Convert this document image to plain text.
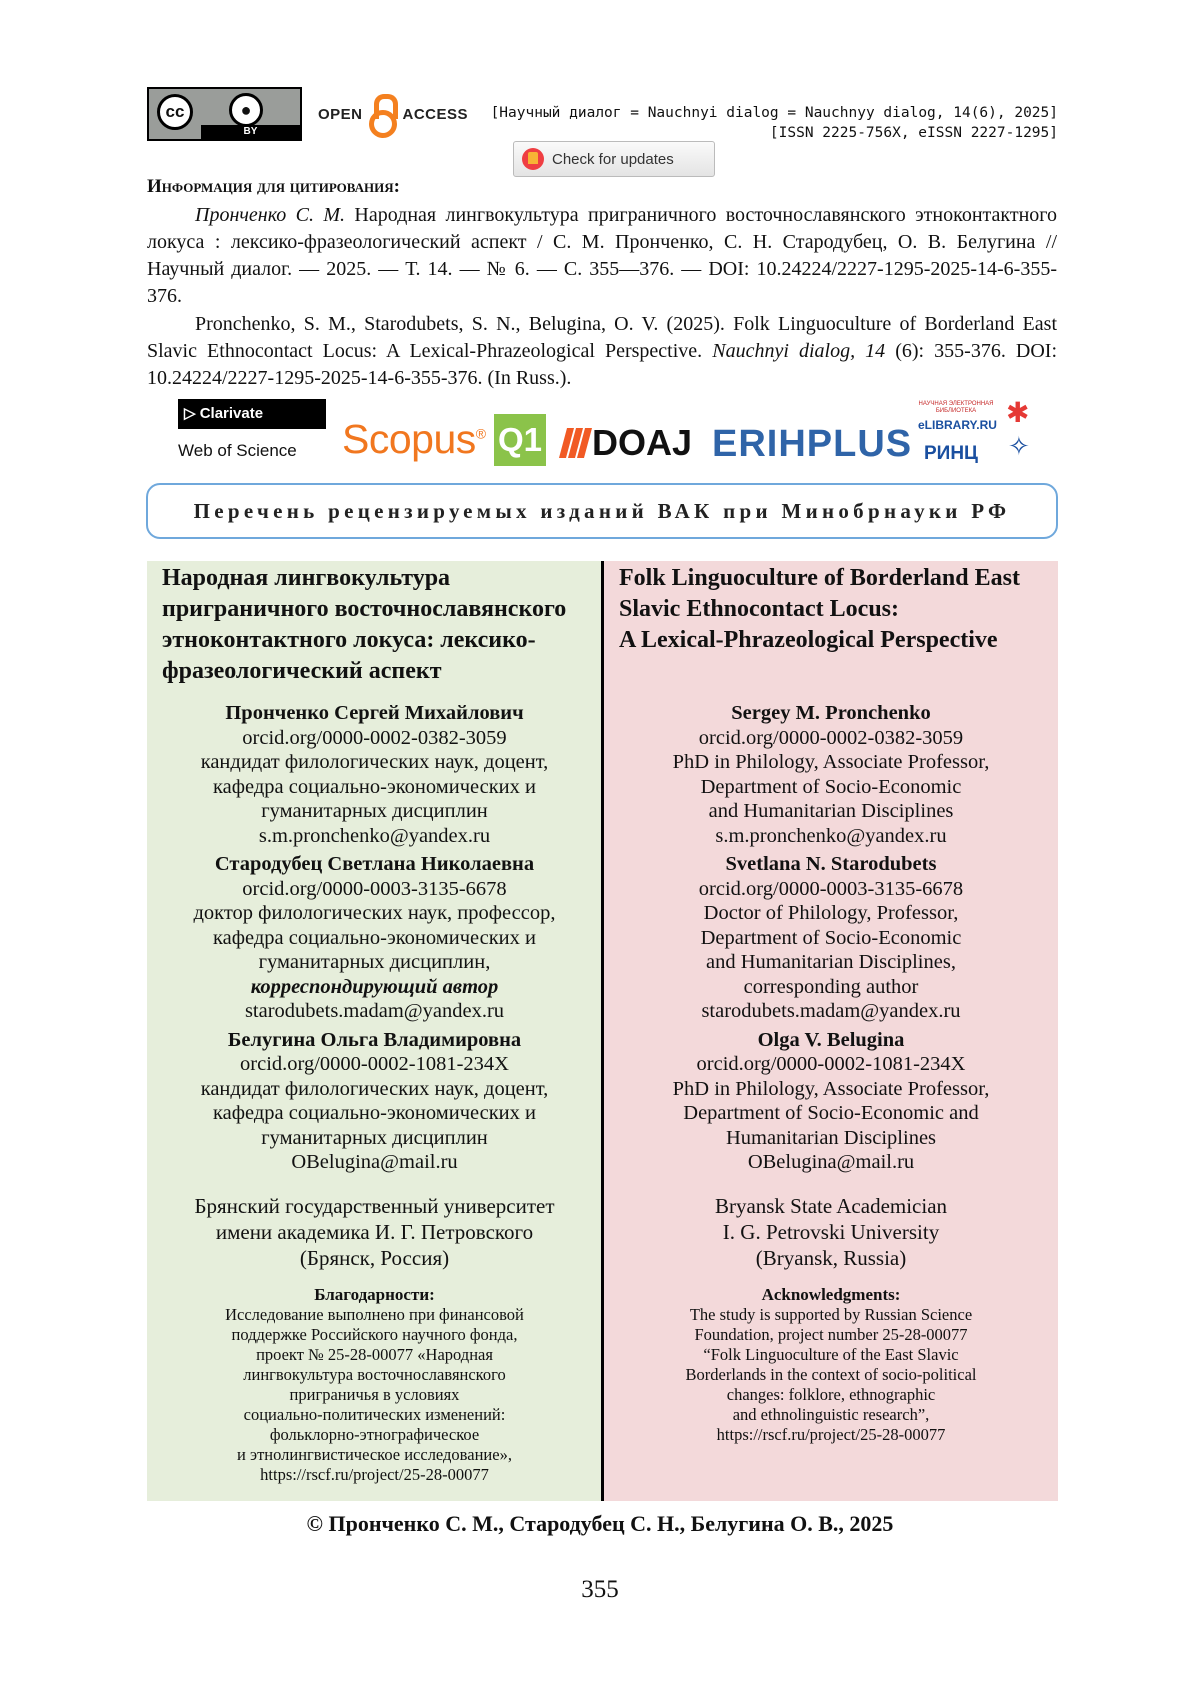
cc	●
BY
OPEN	ACCESS [Научный диалог = Nauchnyi dialog = Nauchnyy dialog, 14(6), 2025]
[ISSN 2225-756X, eISSN 2227-1295]
Check for updates
Информация для цитирования:
Пронченко С. М. Народная лингвокультура приграничного восточнославянского этноконтактного локуса : лексико-фразеологический аспект / С. М. Пронченко, С. Н. Стародубец, О. В. Белугина // Научный диалог. — 2025. — Т. 14. — № 6. — С. 355—376. — DOI: 10.24224/2227-1295-2025-14-6-355-376.
Pronchenko, S. M., Starodubets, S. N., Belugina, O. V. (2025). Folk Linguoculture of Borderland East Slavic Ethnocontact Locus: A Lexical-Phrazeological Perspective. Nauchnyi dialog, 14 (6): 355-376. DOI: 10.24224/2227-1295-2025-14-6-355-376. (In Russ.).
▷ Clarivate
Web of Science Scopus® Q1 DOAJ ERIHPLUS
НАУЧНАЯ ЭЛЕКТРОННАЯ БИБЛИОТЕКА
eLIBRARY.RU
РИНЦ
✱
✧
Перечень рецензируемых изданий ВАК при Минобрнауки РФ
Народная лингвокультура приграничного восточнославянского этноконтактного локуса: лексико-фразеологический аспект
Пронченко Сергей Михайлович
orcid.org/0000-0002-0382-3059
кандидат филологических наук, доцент,
кафедра социально-экономических и
гуманитарных дисциплин
s.m.pronchenko@yandex.ru
Стародубец Светлана Николаевна
orcid.org/0000-0003-3135-6678
доктор филологических наук, профессор,
кафедра социально-экономических и
гуманитарных дисциплин,
корреспондирующий автор
starodubets.madam@yandex.ru
Белугина Ольга Владимировна
orcid.org/0000-0002-1081-234X
кандидат филологических наук, доцент,
кафедра социально-экономических и
гуманитарных дисциплин
OBelugina@mail.ru
Брянский государственный университет
имени академика И. Г. Петровского
(Брянск, Россия)
Благодарности:
Исследование выполнено при финансовой
поддержке Российского научного фонда,
проект № 25-28-00077 «Народная
лингвокультура восточнославянского
приграничья в условиях
социально-политических изменений:
фольклорно-этнографическое
и этнолингвистическое исследование»,
https://rscf.ru/project/25-28-00077
Folk Linguoculture of Borderland East
Slavic Ethnocontact Locus:
A Lexical-Phrazeological Perspective
Sergey M. Pronchenko
orcid.org/0000-0002-0382-3059
PhD in Philology, Associate Professor,
Department of Socio-Economic
and Humanitarian Disciplines
s.m.pronchenko@yandex.ru
Svetlana N. Starodubets
orcid.org/0000-0003-3135-6678
Doctor of Philology, Professor,
Department of Socio-Economic
and Humanitarian Disciplines,
corresponding author
starodubets.madam@yandex.ru
Olga V. Belugina
orcid.org/0000-0002-1081-234X
PhD in Philology, Associate Professor,
Department of Socio-Economic and
Humanitarian Disciplines
OBelugina@mail.ru
Bryansk State Academician
I. G. Petrovski University
(Bryansk, Russia)
Acknowledgments:
The study is supported by Russian Science
Foundation, project number 25-28-00077
“Folk Linguoculture of the East Slavic
Borderlands in the context of socio-political
changes: folklore, ethnographic
and ethnolinguistic research”,
https://rscf.ru/project/25-28-00077
© Пронченко С. М., Стародубец С. Н., Белугина О. В., 2025
355
